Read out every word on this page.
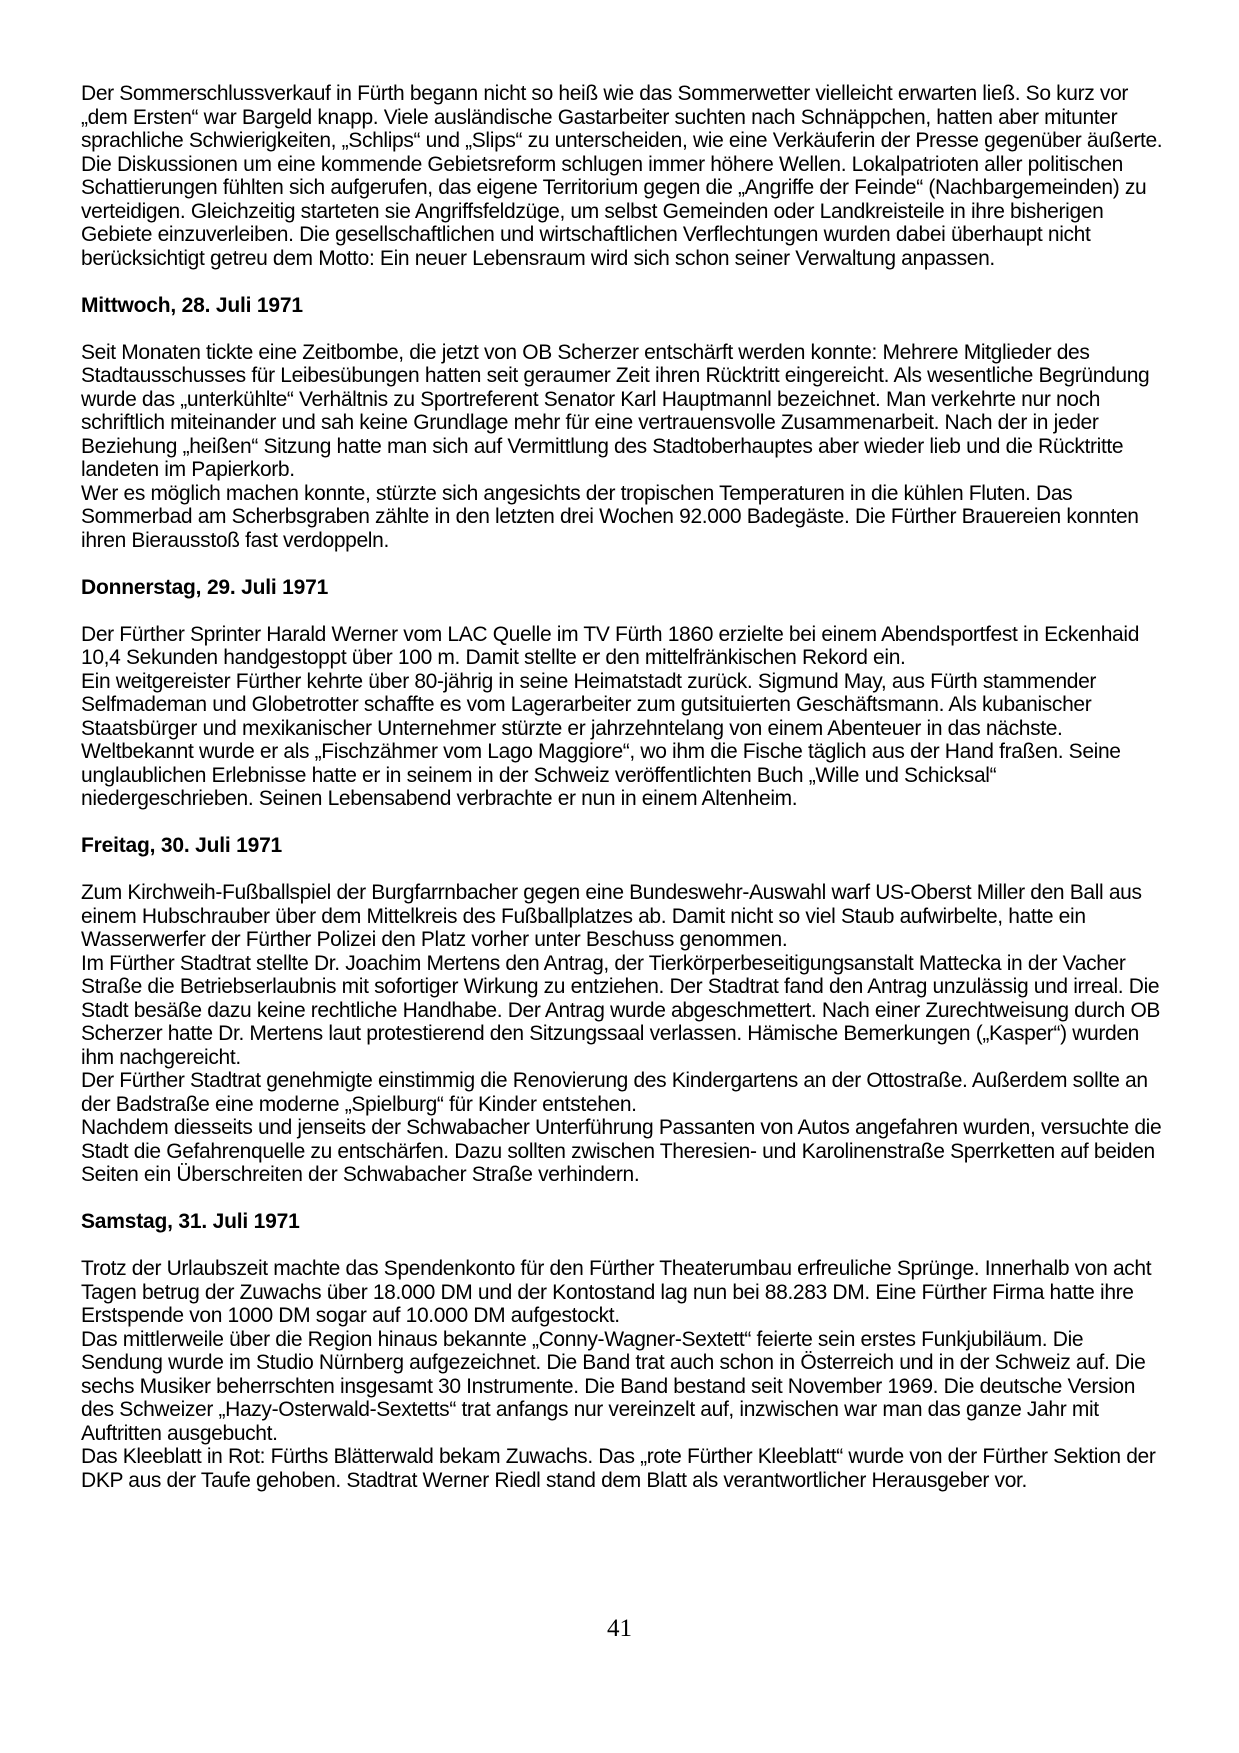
Der Sommerschlussverkauf in Fürth begann nicht so heiß wie das Sommerwetter vielleicht erwarten ließ. So kurz vor „dem Ersten“ war Bargeld knapp. Viele ausländische Gastarbeiter suchten nach Schnäppchen, hatten aber mitunter sprachliche Schwierigkeiten, „Schlips“ und „Slips“ zu unterscheiden, wie eine Verkäuferin der Presse gegenüber äußerte.

Die Diskussionen um eine kommende Gebietsreform schlugen immer höhere Wellen. Lokalpatrioten aller politischen Schattierungen fühlten sich aufgerufen, das eigene Territorium gegen die „Angriffe der Feinde“ (Nachbargemeinden) zu verteidigen. Gleichzeitig starteten sie Angriffsfeldzüge, um selbst Gemeinden oder Landkreisteile in ihre bisherigen Gebiete einzuverleiben. Die gesellschaftlichen und wirtschaftlichen Verflechtungen wurden dabei überhaupt nicht berücksichtigt getreu dem Motto: Ein neuer Lebensraum wird sich schon seiner Verwaltung anpassen.

Mittwoch, 28. Juli 1971

Seit Monaten tickte eine Zeitbombe, die jetzt von OB Scherzer entschärft werden konnte: Mehrere Mitglieder des Stadtausschusses für Leibesübungen hatten seit geraumer Zeit ihren Rücktritt eingereicht. Als wesentliche Begründung wurde das „unterkühlte“ Verhältnis zu Sportreferent Senator Karl Hauptmannl bezeichnet. Man verkehrte nur noch schriftlich miteinander und sah keine Grundlage mehr für eine vertrauensvolle Zusammenarbeit. Nach der in jeder Beziehung „heißen“ Sitzung hatte man sich auf Vermittlung des Stadtoberhauptes aber wieder lieb und die Rücktritte landeten im Papierkorb.

Wer es möglich machen konnte, stürzte sich angesichts der tropischen Temperaturen in die kühlen Fluten. Das Sommerbad am Scherbsgraben zählte in den letzten drei Wochen 92.000 Badegäste. Die Fürther Brauereien konnten ihren Bierausstoß fast verdoppeln.

Donnerstag, 29. Juli 1971

Der Fürther Sprinter Harald Werner vom LAC Quelle im TV Fürth 1860 erzielte bei einem Abendsportfest in Eckenhaid 10,4 Sekunden handgestoppt über 100 m. Damit stellte er den mittelfränkischen Rekord ein.

Ein weitgereister Fürther kehrte über 80-jährig in seine Heimatstadt zurück. Sigmund May, aus Fürth stammender Selfmademan und Globetrotter schaffte es vom Lagerarbeiter zum gutsituierten Geschäftsmann. Als kubanischer Staatsbürger und mexikanischer Unternehmer stürzte er jahrzehntelang von einem Abenteuer in das nächste. Weltbekannt wurde er als „Fischzähmer vom Lago Maggiore“, wo ihm die Fische täglich aus der Hand fraßen. Seine unglaublichen Erlebnisse hatte er in seinem in der Schweiz veröffentlichten Buch „Wille und Schicksal“ niedergeschrieben. Seinen Lebensabend verbrachte er nun in einem Altenheim.

Freitag, 30. Juli 1971

Zum Kirchweih-Fußballspiel der Burgfarrnbacher gegen eine Bundeswehr-Auswahl warf US-Oberst Miller den Ball aus einem Hubschrauber über dem Mittelkreis des Fußballplatzes ab. Damit nicht so viel Staub aufwirbelte, hatte ein Wasserwerfer der Fürther Polizei den Platz vorher unter Beschuss genommen.

Im Fürther Stadtrat stellte Dr. Joachim Mertens den Antrag, der Tierkörperbeseitigungsanstalt Mattecka in der Vacher Straße die Betriebserlaubnis mit sofortiger Wirkung zu entziehen. Der Stadtrat fand den Antrag unzulässig und irreal. Die Stadt besäße dazu keine rechtliche Handhabe. Der Antrag wurde abgeschmettert. Nach einer Zurechtweisung durch OB Scherzer hatte Dr. Mertens laut protestierend den Sitzungssaal verlassen. Hämische Bemerkungen („Kasper“) wurden ihm nachgereicht.

Der Fürther Stadtrat genehmigte einstimmig die Renovierung des Kindergartens an der Ottostraße. Außerdem sollte an der Badstraße eine moderne „Spielburg“ für Kinder entstehen.

Nachdem diesseits und jenseits der Schwabacher Unterführung Passanten von Autos angefahren wurden, versuchte die Stadt die Gefahrenquelle zu entschärfen. Dazu sollten zwischen Theresien- und Karolinenstraße Sperrketten auf beiden Seiten ein Überschreiten der Schwabacher Straße verhindern.

Samstag, 31. Juli 1971

Trotz der Urlaubszeit machte das Spendenkonto für den Fürther Theaterumbau erfreuliche Sprünge. Innerhalb von acht Tagen betrug der Zuwachs über 18.000 DM und der Kontostand lag nun bei 88.283 DM. Eine Fürther Firma hatte ihre Erstspende von 1000 DM sogar auf 10.000 DM aufgestockt.

Das mittlerweile über die Region hinaus bekannte „Conny-Wagner-Sextett“ feierte sein erstes Funkjubiläum. Die Sendung wurde im Studio Nürnberg aufgezeichnet. Die Band trat auch schon in Österreich und in der Schweiz auf. Die sechs Musiker beherrschten insgesamt 30 Instrumente. Die Band bestand seit November 1969. Die deutsche Version des Schweizer „Hazy-Osterwald-Sextetts“ trat anfangs nur vereinzelt auf, inzwischen war man das ganze Jahr mit Auftritten ausgebucht.

Das Kleeblatt in Rot: Fürths Blätterwald bekam Zuwachs. Das „rote Fürther Kleeblatt“ wurde von der Fürther Sektion der DKP aus der Taufe gehoben. Stadtrat Werner Riedl stand dem Blatt als verantwortlicher Herausgeber vor.

41
